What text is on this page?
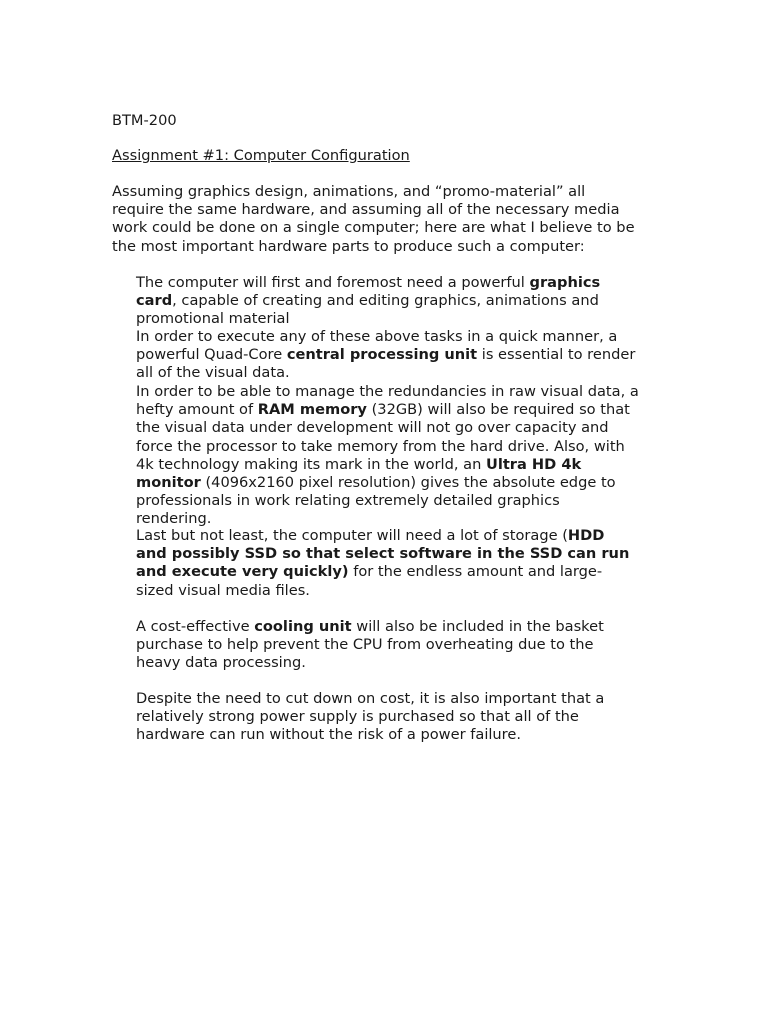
BTM-200

Assignment #1: Computer Configuration

Assuming graphics design, animations, and “promo-material” all
require the same hardware, and assuming all of the necessary media
work could be done on a single computer; here are what I believe to be
the most important hardware parts to produce such a computer:

The computer will first and foremost need a powerful graphics
card, capable of creating and editing graphics, animations and
promotional material

In order to execute any of these above tasks in a quick manner, a
powerful Quad-Core central processing unit is essential to render
all of the visual data.

In order to be able to manage the redundancies in raw visual data, a
hefty amount of RAM memory (32GB) will also be required so that
the visual data under development will not go over capacity and
force the processor to take memory from the hard drive. Also, with
4k technology making its mark in the world, an Ultra HD 4k
monitor (4096x2160 pixel resolution) gives the absolute edge to
professionals in work relating extremely detailed graphics
rendering.

Last but not least, the computer will need a lot of storage (HDD
and possibly SSD so that select software in the SSD can run
and execute very quickly) for the endless amount and large-
sized visual media files.

A cost-effective cooling unit will also be included in the basket
purchase to help prevent the CPU from overheating due to the
heavy data processing.

Despite the need to cut down on cost, it is also important that a
relatively strong power supply is purchased so that all of the
hardware can run without the risk of a power failure.
